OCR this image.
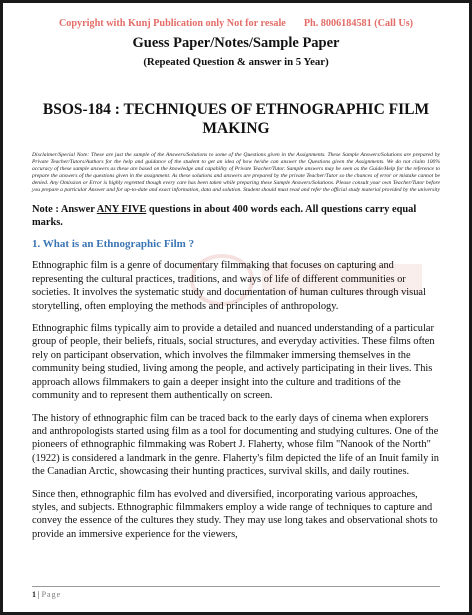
Copyright with Kunj Publication only Not for resale Ph. 8006184581 (Call Us)
Guess Paper/Notes/Sample Paper
(Repeated Question & answer in 5 Year)
BSOS-184 : TECHNIQUES OF ETHNOGRAPHIC FILM MAKING
Disclaimer/Special Note: These are just the sample of the Answers/Solutions to some of the Questions given in the Assignments. These Sample Answers/Solutions are prepared by Private Teacher/Tutors/Authors for the help and guidance of the student to get an idea of how he/she can answer the Questions given the Assignments. We do not claim 100% accuracy of these sample answers as these are based on the knowledge and capability of Private Teacher/Tutor. Sample answers may be seen as the Guide/Help for the reference to prepare the answers of the questions given in the assignment. As these solutions and answers are prepared by the private Teacher/Tutor so the chances of error or mistake cannot be denied. Any Omission or Error is highly regretted though every care has been taken while preparing these Sample Answers/Solutions. Please consult your own Teacher/Tutor before you prepare a particular Answer and for up-to-date and exact information, data and solution. Student should must read and refer the official study material provided by the university
Note : Answer ANY FIVE questions in about 400 words each. All questions carry equal marks.
1. What is an Ethnographic Film ?
Ethnographic film is a genre of documentary filmmaking that focuses on capturing and representing the cultural practices, traditions, and ways of life of different communities or societies. It involves the systematic study and documentation of human cultures through visual storytelling, often employing the methods and principles of anthropology.
Ethnographic films typically aim to provide a detailed and nuanced understanding of a particular group of people, their beliefs, rituals, social structures, and everyday activities. These films often rely on participant observation, which involves the filmmaker immersing themselves in the community being studied, living among the people, and actively participating in their lives. This approach allows filmmakers to gain a deeper insight into the culture and traditions of the community and to represent them authentically on screen.
The history of ethnographic film can be traced back to the early days of cinema when explorers and anthropologists started using film as a tool for documenting and studying cultures. One of the pioneers of ethnographic filmmaking was Robert J. Flaherty, whose film "Nanook of the North" (1922) is considered a landmark in the genre. Flaherty's film depicted the life of an Inuit family in the Canadian Arctic, showcasing their hunting practices, survival skills, and daily routines.
Since then, ethnographic film has evolved and diversified, incorporating various approaches, styles, and subjects. Ethnographic filmmakers employ a wide range of techniques to capture and convey the essence of the cultures they study. They may use long takes and observational shots to provide an immersive experience for the viewers,
1 | Page
